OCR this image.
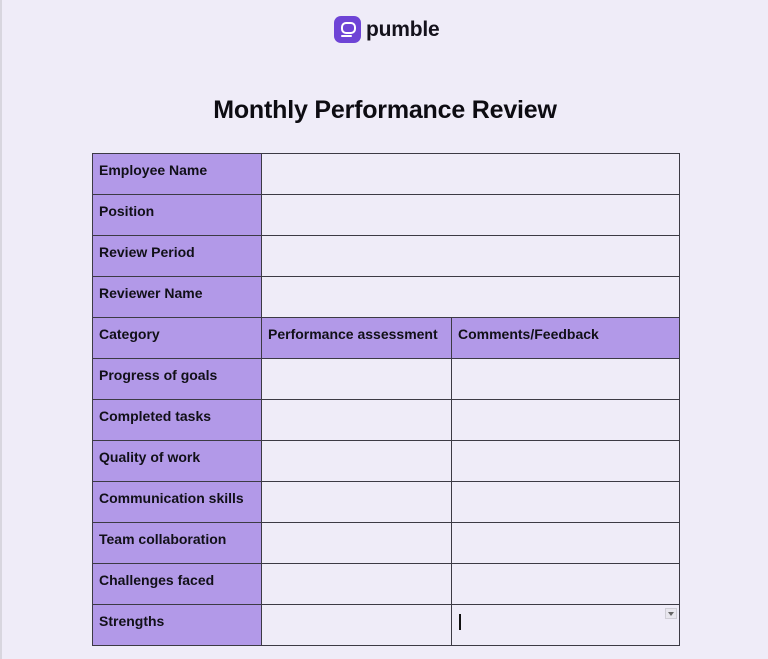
pumble
Monthly Performance Review
Employee Name		
Position		
Review Period		
Reviewer Name		
Category	Performance assessment	Comments/Feedback
Progress of goals		
Completed tasks		
Quality of work		
Communication skills		
Team collaboration		
Challenges faced		
Strengths		
